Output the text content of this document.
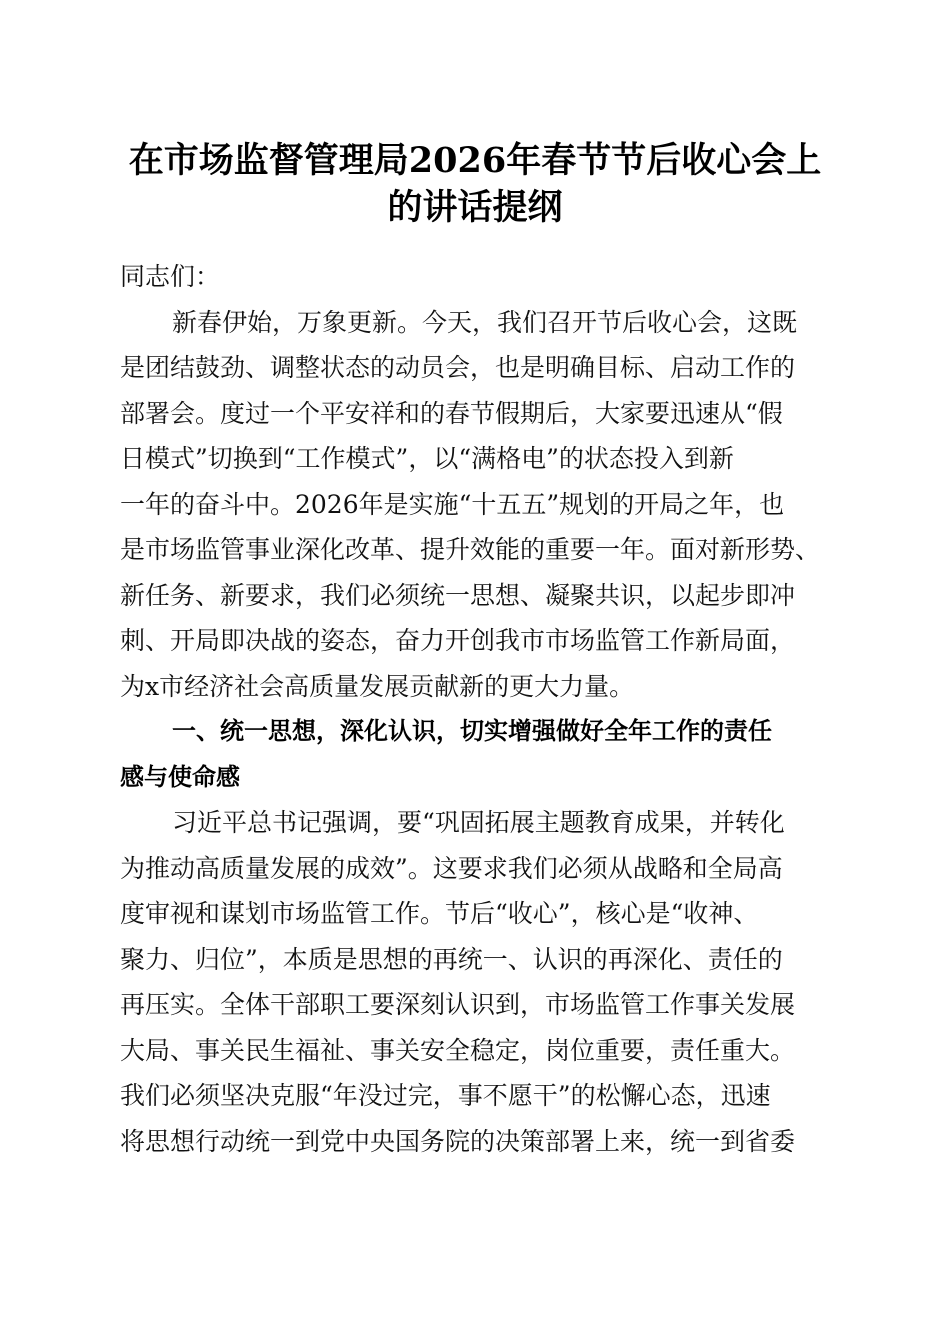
在市场监督管理局2026年春节节后收心会上
的讲话提纲
同志们：
新春伊始，万象更新。今天，我们召开节后收心会，这既
是团结鼓劲、调整状态的动员会，也是明确目标、启动工作的
部署会。度过一个平安祥和的春节假期后，大家要迅速从“假
日模式”切换到“工作模式”，以“满格电”的状态投入到新
一年的奋斗中。2026年是实施“十五五”规划的开局之年，也
是市场监管事业深化改革、提升效能的重要一年。面对新形势、
新任务、新要求，我们必须统一思想、凝聚共识，以起步即冲
刺、开局即决战的姿态，奋力开创我市市场监管工作新局面，
为x市经济社会高质量发展贡献新的更大力量。
一、统一思想，深化认识，切实增强做好全年工作的责任
感与使命感
习近平总书记强调，要“巩固拓展主题教育成果，并转化
为推动高质量发展的成效”。这要求我们必须从战略和全局高
度审视和谋划市场监管工作。节后“收心”，核心是“收神、
聚力、归位”，本质是思想的再统一、认识的再深化、责任的
再压实。全体干部职工要深刻认识到，市场监管工作事关发展
大局、事关民生福祉、事关安全稳定，岗位重要，责任重大。
我们必须坚决克服“年没过完，事不愿干”的松懈心态，迅速
将思想行动统一到党中央国务院的决策部署上来，统一到省委
